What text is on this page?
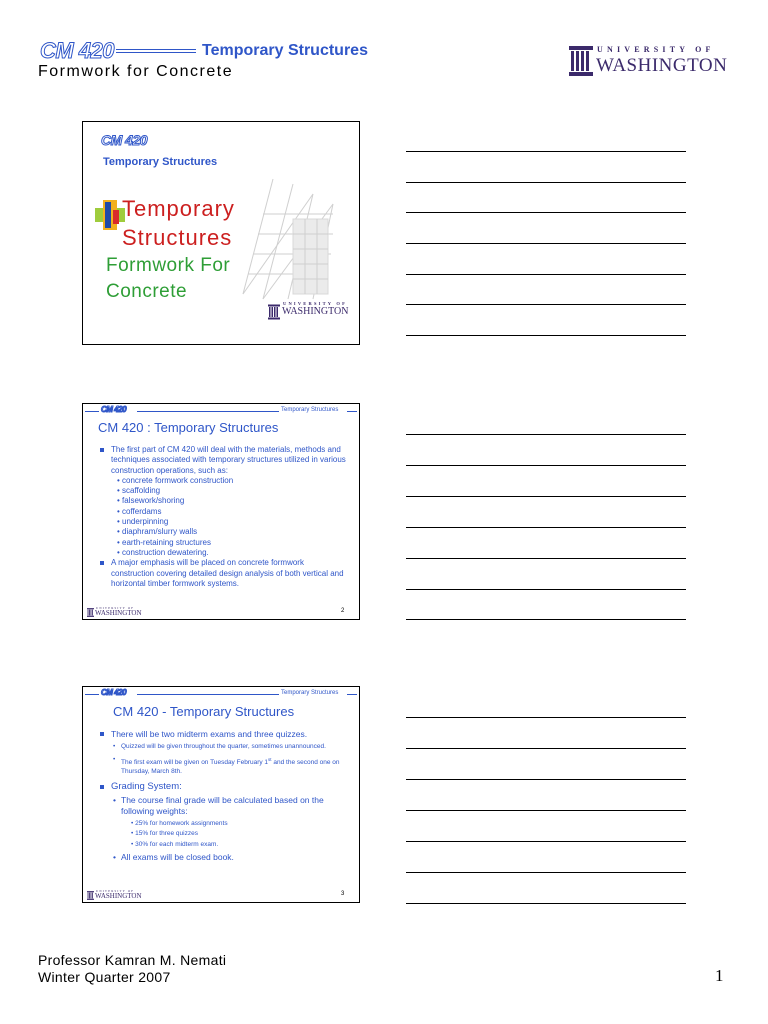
CM 420	Temporary Structures
Formwork for Concrete
UNIVERSITY OF
WASHINGTON
CM 420
Temporary Structures
Temporary
Structures
Formwork For
Concrete
UNIVERSITY OF
WASHINGTON
CM 420	Temporary Structures
CM 420 : Temporary Structures
The first part of CM 420 will deal with the materials, methods and techniques associated with temporary structures utilized in various construction operations, such as:
• concrete formwork construction
• scaffolding
• falsework/shoring
• cofferdams
• underpinning
• diaphram/slurry walls
• earth-retaining structures
• construction dewatering.
A major emphasis will be placed on concrete formwork construction covering detailed design analysis of both vertical and horizontal timber formwork systems.
UNIVERSITY OF
WASHINGTON	2
CM 420	Temporary Structures
CM 420 - Temporary Structures
There will be two midterm exams and three quizzes.
• Quizzed will be given throughout the quarter, sometimes unannounced.
• The first exam will be given on Tuesday February 1st and the second one on Thursday, March 8th.
Grading System:
• The course final grade will be calculated based on the following weights:
• 25% for homework assignments
• 15% for three quizzes
• 30% for each midterm exam.
• All exams will be closed book.
UNIVERSITY OF
WASHINGTON	3
Professor Kamran M. Nemati
Winter Quarter 2007	1
